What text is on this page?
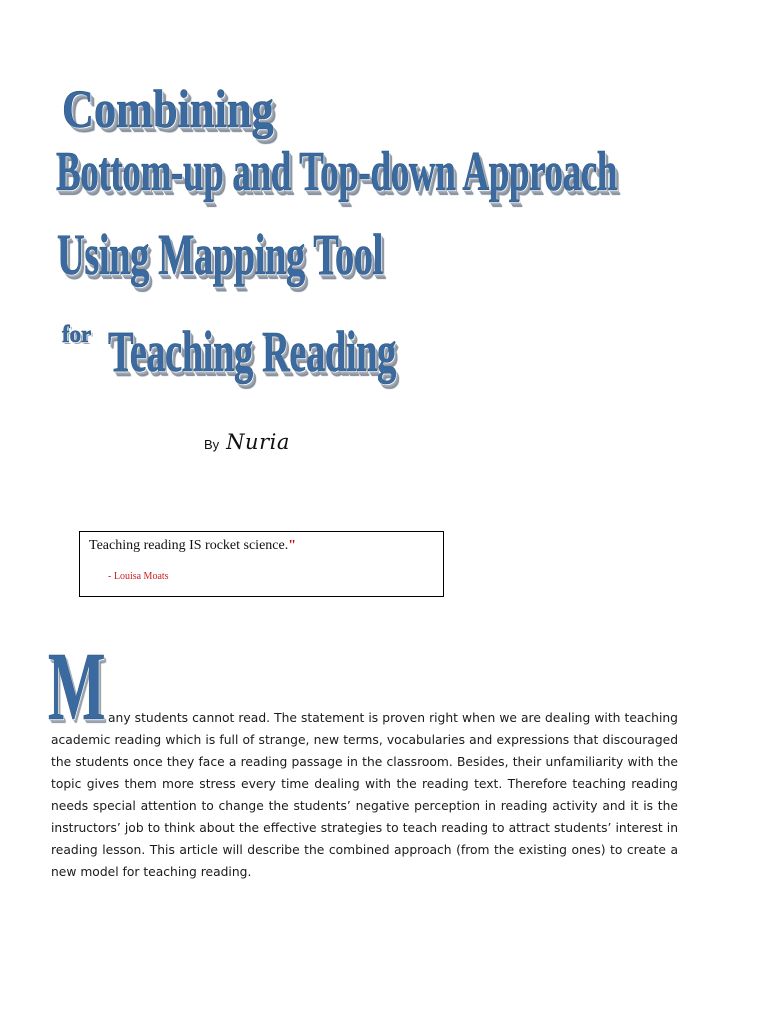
Combining
Bottom-up and Top-down Approach
Using Mapping Tool
for Teaching Reading
By Nuria
Teaching reading IS rocket science."
- Louisa Moats
M any students cannot read. The statement is proven right when we are dealing with teaching
academic reading which is full of strange, new terms, vocabularies and expressions that discouraged
the students once they face a reading passage in the classroom. Besides, their unfamiliarity with the
topic gives them more stress every time dealing with the reading text. Therefore teaching reading
needs special attention to change the students’ negative perception in reading activity and it is the
instructors’ job to think about the effective strategies to teach reading to attract students’ interest in
reading lesson. This article will describe the combined approach (from the existing ones) to create a
new model for teaching reading.
